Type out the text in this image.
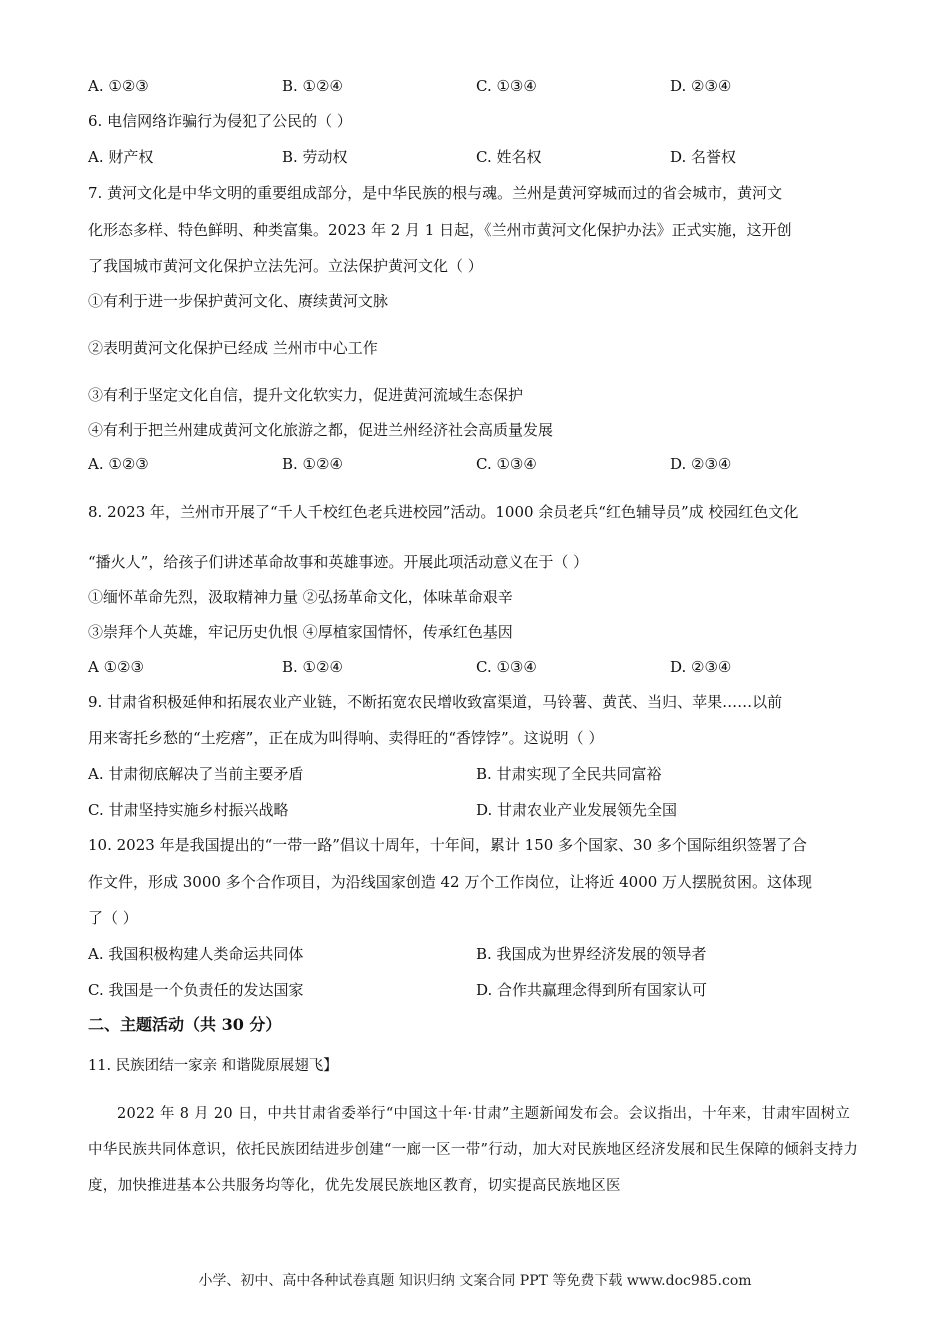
A. ①②③	B. ①②④	C. ①③④	D. ②③④
6. 电信网络诈骗行为侵犯了公民的（ ）
A. 财产权	B. 劳动权	C. 姓名权	D. 名誉权
7. 黄河文化是中华文明的重要组成部分，是中华民族的根与魂。兰州是黄河穿城而过的省会城市，黄河文
化形态多样、特色鲜明、种类富集。2023 年 2 月 1 日起，《兰州市黄河文化保护办法》正式实施，这开创
了我国城市黄河文化保护立法先河。立法保护黄河文化（ ）
①有利于进一步保护黄河文化、赓续黄河文脉
②表明黄河文化保护已经成 兰州市中心工作
③有利于坚定文化自信，提升文化软实力，促进黄河流域生态保护
④有利于把兰州建成黄河文化旅游之都，促进兰州经济社会高质量发展
A. ①②③	B. ①②④	C. ①③④	D. ②③④
8. 2023 年，兰州市开展了“千人千校红色老兵进校园”活动。1000 余员老兵“红色辅导员”成 校园红色文化
“播火人”，给孩子们讲述革命故事和英雄事迹。开展此项活动意义在于（ ）
①缅怀革命先烈，汲取精神力量 ②弘扬革命文化，体味革命艰辛
③崇拜个人英雄，牢记历史仇恨 ④厚植家国情怀，传承红色基因
A ①②③	B. ①②④	C. ①③④	D. ②③④
9. 甘肃省积极延伸和拓展农业产业链，不断拓宽农民增收致富渠道，马铃薯、黄芪、当归、苹果……以前
用来寄托乡愁的“土疙瘩”，正在成为叫得响、卖得旺的“香饽饽”。这说明（ ）
A. 甘肃彻底解决了当前主要矛盾	B. 甘肃实现了全民共同富裕
C. 甘肃坚持实施乡村振兴战略	D. 甘肃农业产业发展领先全国
10. 2023 年是我国提出的“一带一路”倡议十周年，十年间，累计 150 多个国家、30 多个国际组织签署了合
作文件，形成 3000 多个合作项目，为沿线国家创造 42 万个工作岗位，让将近 4000 万人摆脱贫困。这体现
了（ ）
A. 我国积极构建人类命运共同体	B. 我国成为世界经济发展的领导者
C. 我国是一个负责任的发达国家	D. 合作共赢理念得到所有国家认可
二、主题活动（共 30 分）
11. 民族团结一家亲 和谐陇原展翅飞】
2022 年 8 月 20 日，中共甘肃省委举行“中国这十年·甘肃”主题新闻发布会。会议指出，十年来，甘肃牢固树立中华民族共同体意识，依托民族团结进步创建“一廊一区一带”行动，加大对民族地区经济发展和民生保障的倾斜支持力度，加快推进基本公共服务均等化，优先发展民族地区教育，切实提高民族地区医
小学、初中、高中各种试卷真题 知识归纳 文案合同 PPT 等免费下载 www.doc985.com
